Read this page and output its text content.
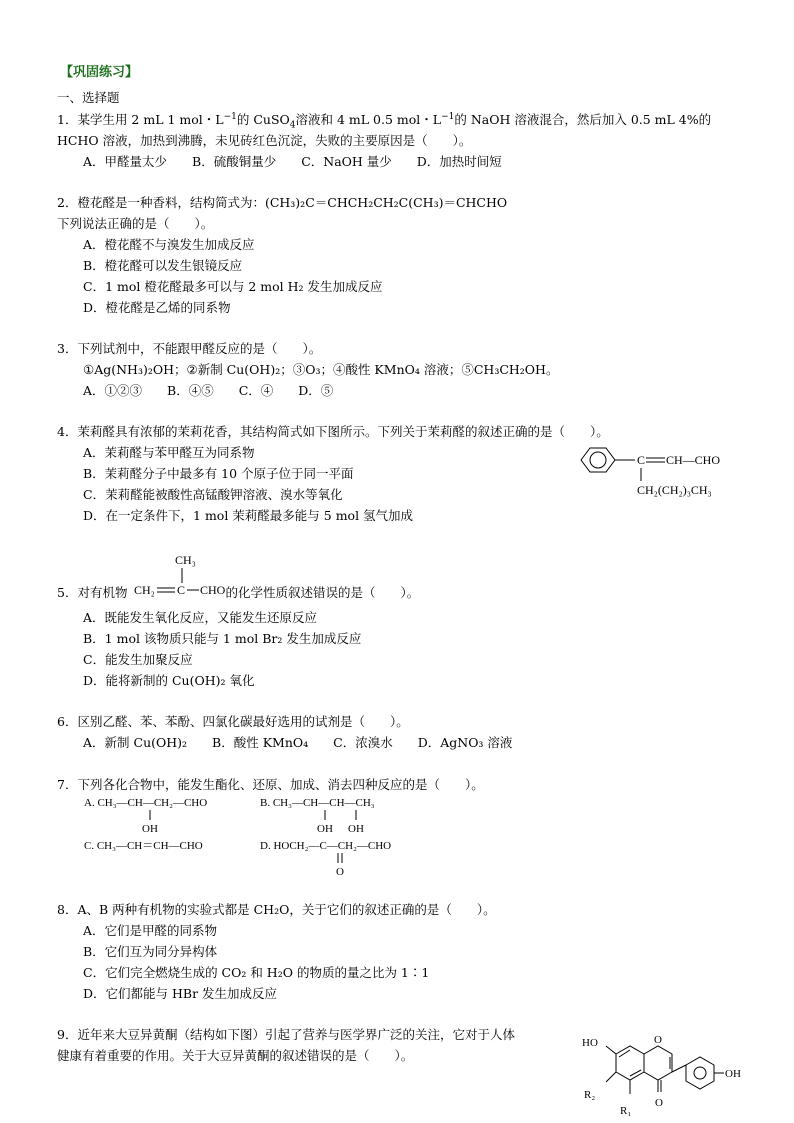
【巩固练习】
一、选择题
1．某学生用 2 mL 1 mol・$L^{-1}$的 CuSO$_4$溶液和 4 mL 0.5 mol・$L^{-1}$的 NaOH 溶液混合，然后加入 0.5 mL 4%的
HCHO 溶液，加热到沸腾，未见砖红色沉淀，失败的主要原因是（　　）。
A．甲醛量太少　　B．硫酸铜量少　　C．NaOH 量少　　D．加热时间短
2．橙花醛是一种香料，结构简式为：(CH₃)₂C＝CHCH₂CH₂C(CH₃)＝CHCHO
下列说法正确的是（　　）。
A．橙花醛不与溴发生加成反应
B．橙花醛可以发生银镜反应
C．1 mol 橙花醛最多可以与 2 mol H₂ 发生加成反应
D．橙花醛是乙烯的同系物
3．下列试剂中，不能跟甲醛反应的是（　　）。
①Ag(NH₃)₂OH；②新制 Cu(OH)₂；③O₃；④酸性 KMnO₄ 溶液；⑤CH₃CH₂OH。
A．①②③　　B．④⑤　　C．④　　D．⑤
4．茉莉醛具有浓郁的茉莉花香，其结构简式如下图所示。下列关于茉莉醛的叙述正确的是（　　）。
A．茉莉醛与苯甲醛互为同系物
B．茉莉醛分子中最多有 10 个原子位于同一平面
C．茉莉醛能被酸性高锰酸钾溶液、溴水等氧化
D．在一定条件下，1 mol 茉莉醛最多能与 5 mol 氢气加成
C CH—CHO
CH₂(CH₂)₃CH₃
5．对有机物	的化学性质叙述错误的是（　　）。
CH₃
CH₂ C CHO
A．既能发生氧化反应，又能发生还原反应
B．1 mol 该物质只能与 1 mol Br₂ 发生加成反应
C．能发生加聚反应
D．能将新制的 Cu(OH)₂ 氧化
6．区别乙醛、苯、苯酚、四氯化碳最好选用的试剂是（　　）。
A．新制 Cu(OH)₂　　B．酸性 KMnO₄　　C．浓溴水　　D．AgNO₃ 溶液
7．下列各化合物中，能发生酯化、还原、加成、消去四种反应的是（　　）。
A. CH₃—CH—CH₂—CHO
OH
B. CH₃—CH—CH—CH₃
OH OH
C. CH₃—CH＝CH—CHO	D. HOCH₂—C—CH₂—CHO
O
8．A、B 两种有机物的实验式都是 CH₂O，关于它们的叙述正确的是（　　）。
A．它们是甲醛的同系物
B．它们互为同分异构体
C．它们完全燃烧生成的 CO₂ 和 H₂O 的物质的量之比为 1∶1
D．它们都能与 HBr 发生加成反应
9．近年来大豆异黄酮（结构如下图）引起了营养与医学界广泛的关注，它对于人体
健康有着重要的作用。关于大豆异黄酮的叙述错误的是（　　）。
HO	O
R₂
R₁
O
OH
